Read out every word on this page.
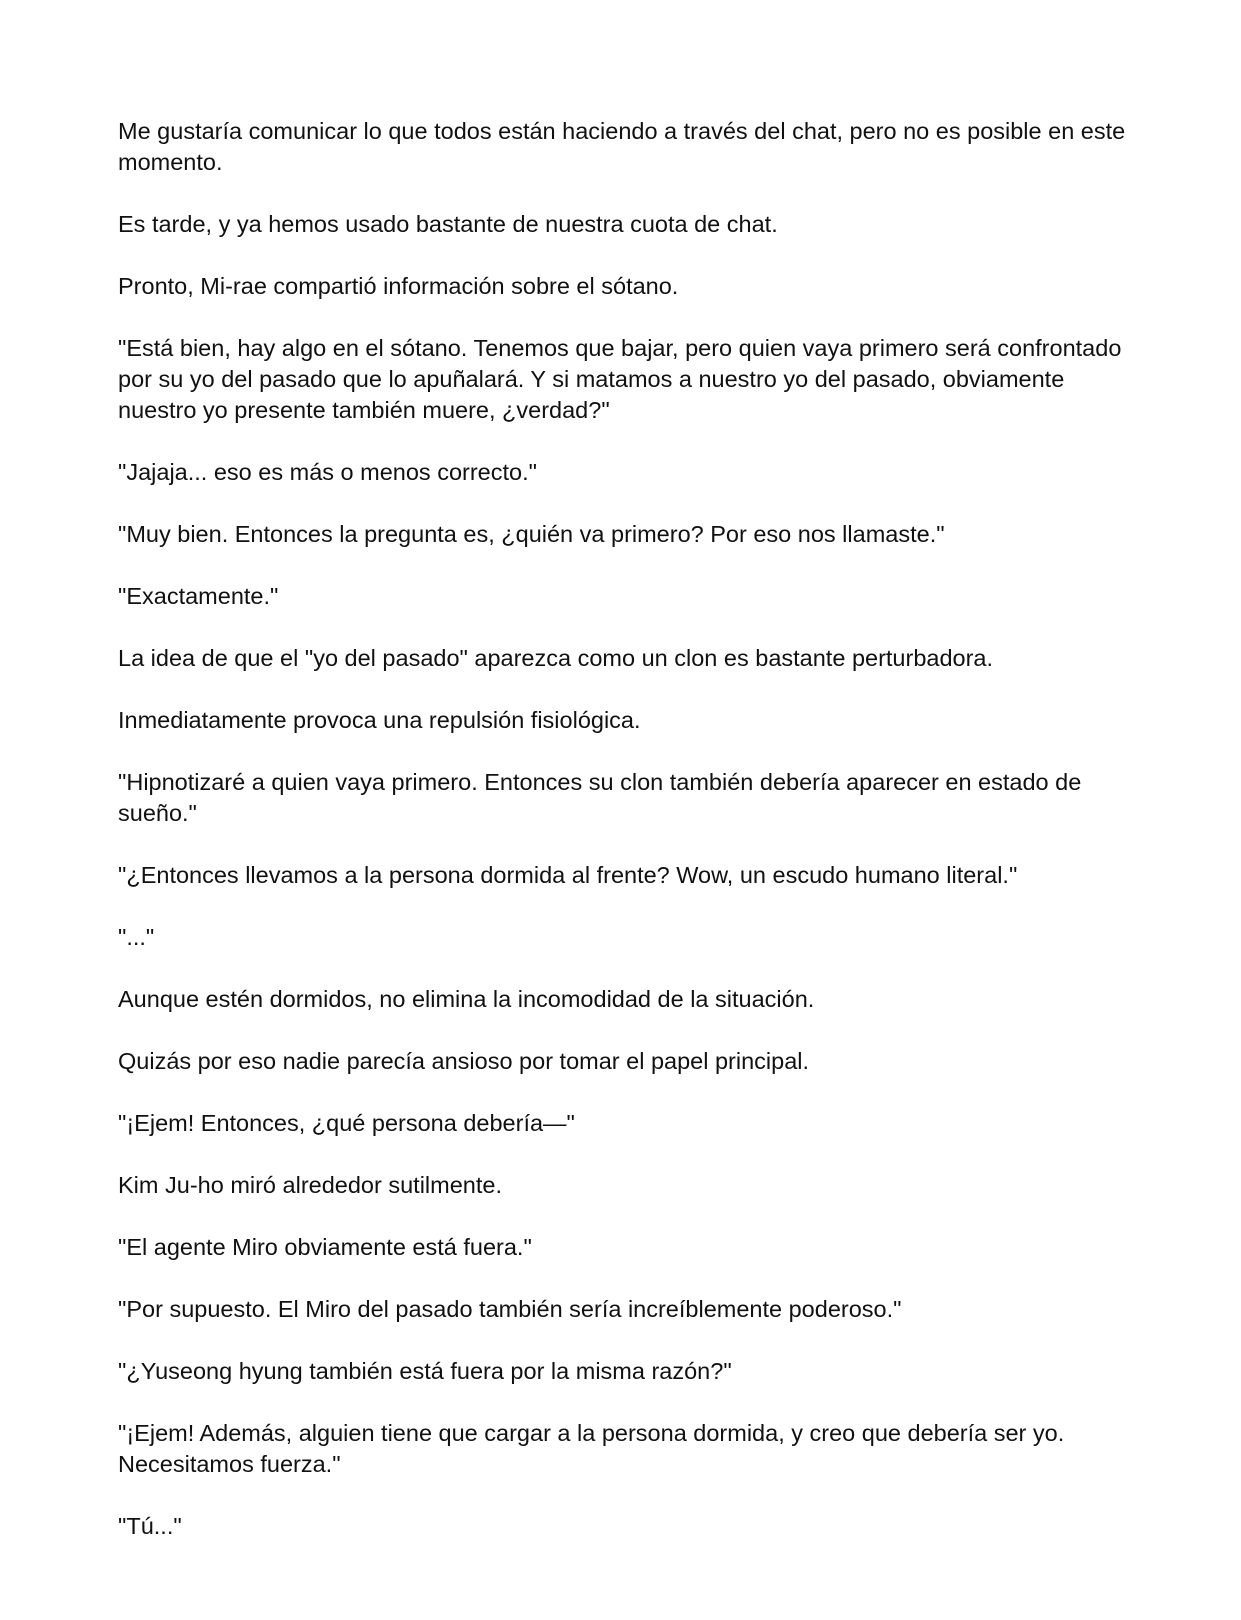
Me gustaría comunicar lo que todos están haciendo a través del chat, pero no es posible en este momento.

Es tarde, y ya hemos usado bastante de nuestra cuota de chat.

Pronto, Mi-rae compartió información sobre el sótano.

"Está bien, hay algo en el sótano. Tenemos que bajar, pero quien vaya primero será confrontado por su yo del pasado que lo apuñalará. Y si matamos a nuestro yo del pasado, obviamente nuestro yo presente también muere, ¿verdad?"

"Jajaja... eso es más o menos correcto."

"Muy bien. Entonces la pregunta es, ¿quién va primero? Por eso nos llamaste."

"Exactamente."

La idea de que el "yo del pasado" aparezca como un clon es bastante perturbadora.

Inmediatamente provoca una repulsión fisiológica.

"Hipnotizaré a quien vaya primero. Entonces su clon también debería aparecer en estado de sueño."

"¿Entonces llevamos a la persona dormida al frente? Wow, un escudo humano literal."

"..."

Aunque estén dormidos, no elimina la incomodidad de la situación.

Quizás por eso nadie parecía ansioso por tomar el papel principal.

"¡Ejem! Entonces, ¿qué persona debería—"

Kim Ju-ho miró alrededor sutilmente.

"El agente Miro obviamente está fuera."

"Por supuesto. El Miro del pasado también sería increíblemente poderoso."

"¿Yuseong hyung también está fuera por la misma razón?"

"¡Ejem! Además, alguien tiene que cargar a la persona dormida, y creo que debería ser yo. Necesitamos fuerza."

"Tú..."
